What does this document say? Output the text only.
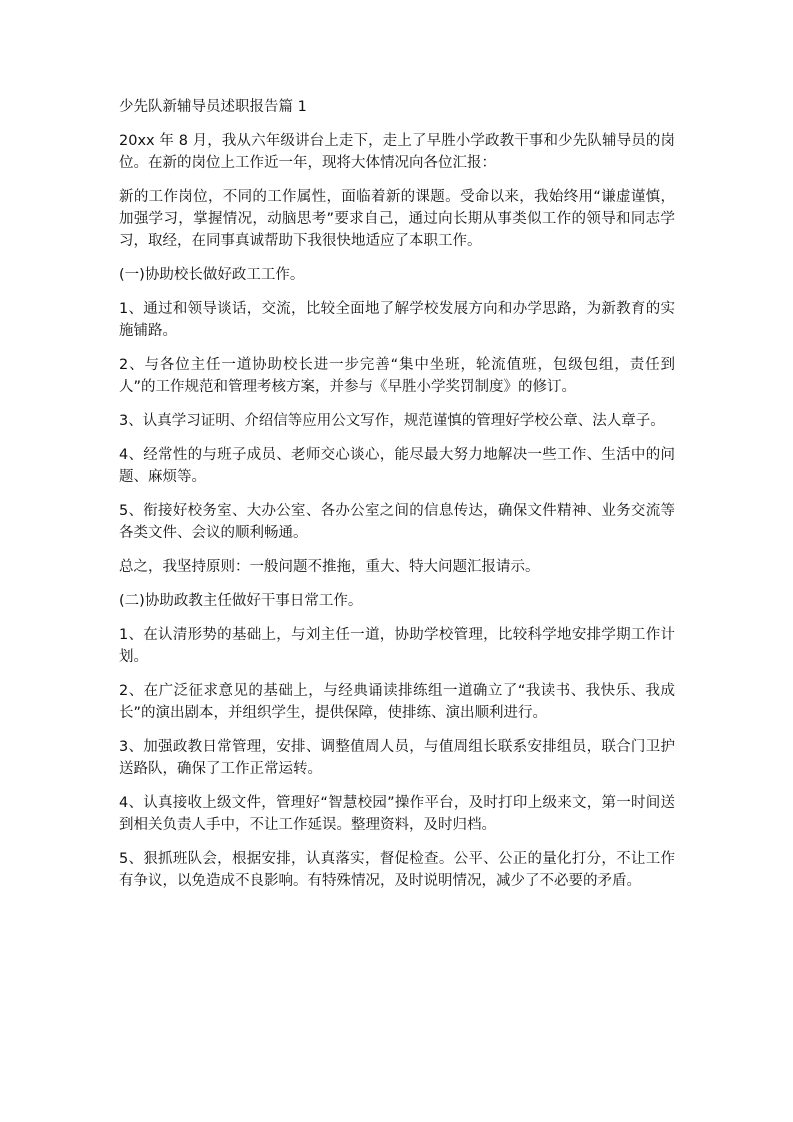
少先队新辅导员述职报告篇 1

20xx 年 8 月，我从六年级讲台上走下，走上了早胜小学政教干事和少先队辅导员的岗位。在新的岗位上工作近一年，现将大体情况向各位汇报：

新的工作岗位，不同的工作属性，面临着新的课题。受命以来，我始终用“谦虚谨慎，加强学习，掌握情况，动脑思考”要求自己，通过向长期从事类似工作的领导和同志学习，取经，在同事真诚帮助下我很快地适应了本职工作。

(一)协助校长做好政工工作。

1、通过和领导谈话，交流，比较全面地了解学校发展方向和办学思路，为新教育的实施铺路。

2、与各位主任一道协助校长进一步完善“集中坐班，轮流值班，包级包组，责任到人”的工作规范和管理考核方案，并参与《早胜小学奖罚制度》的修订。

3、认真学习证明、介绍信等应用公文写作，规范谨慎的管理好学校公章、法人章子。

4、经常性的与班子成员、老师交心谈心，能尽最大努力地解决一些工作、生活中的问题、麻烦等。

5、衔接好校务室、大办公室、各办公室之间的信息传达，确保文件精神、业务交流等各类文件、会议的顺利畅通。

总之，我坚持原则：一般问题不推拖，重大、特大问题汇报请示。

(二)协助政教主任做好干事日常工作。

1、在认清形势的基础上，与刘主任一道，协助学校管理，比较科学地安排学期工作计划。

2、在广泛征求意见的基础上，与经典诵读排练组一道确立了“我读书、我快乐、我成长”的演出剧本，并组织学生，提供保障，使排练、演出顺利进行。

3、加强政教日常管理，安排、调整值周人员，与值周组长联系安排组员，联合门卫护送路队，确保了工作正常运转。

4、认真接收上级文件，管理好“智慧校园”操作平台，及时打印上级来文，第一时间送到相关负责人手中，不让工作延误。整理资料，及时归档。

5、狠抓班队会，根据安排，认真落实，督促检查。公平、公正的量化打分，不让工作有争议，以免造成不良影响。有特殊情况，及时说明情况，减少了不必要的矛盾。
